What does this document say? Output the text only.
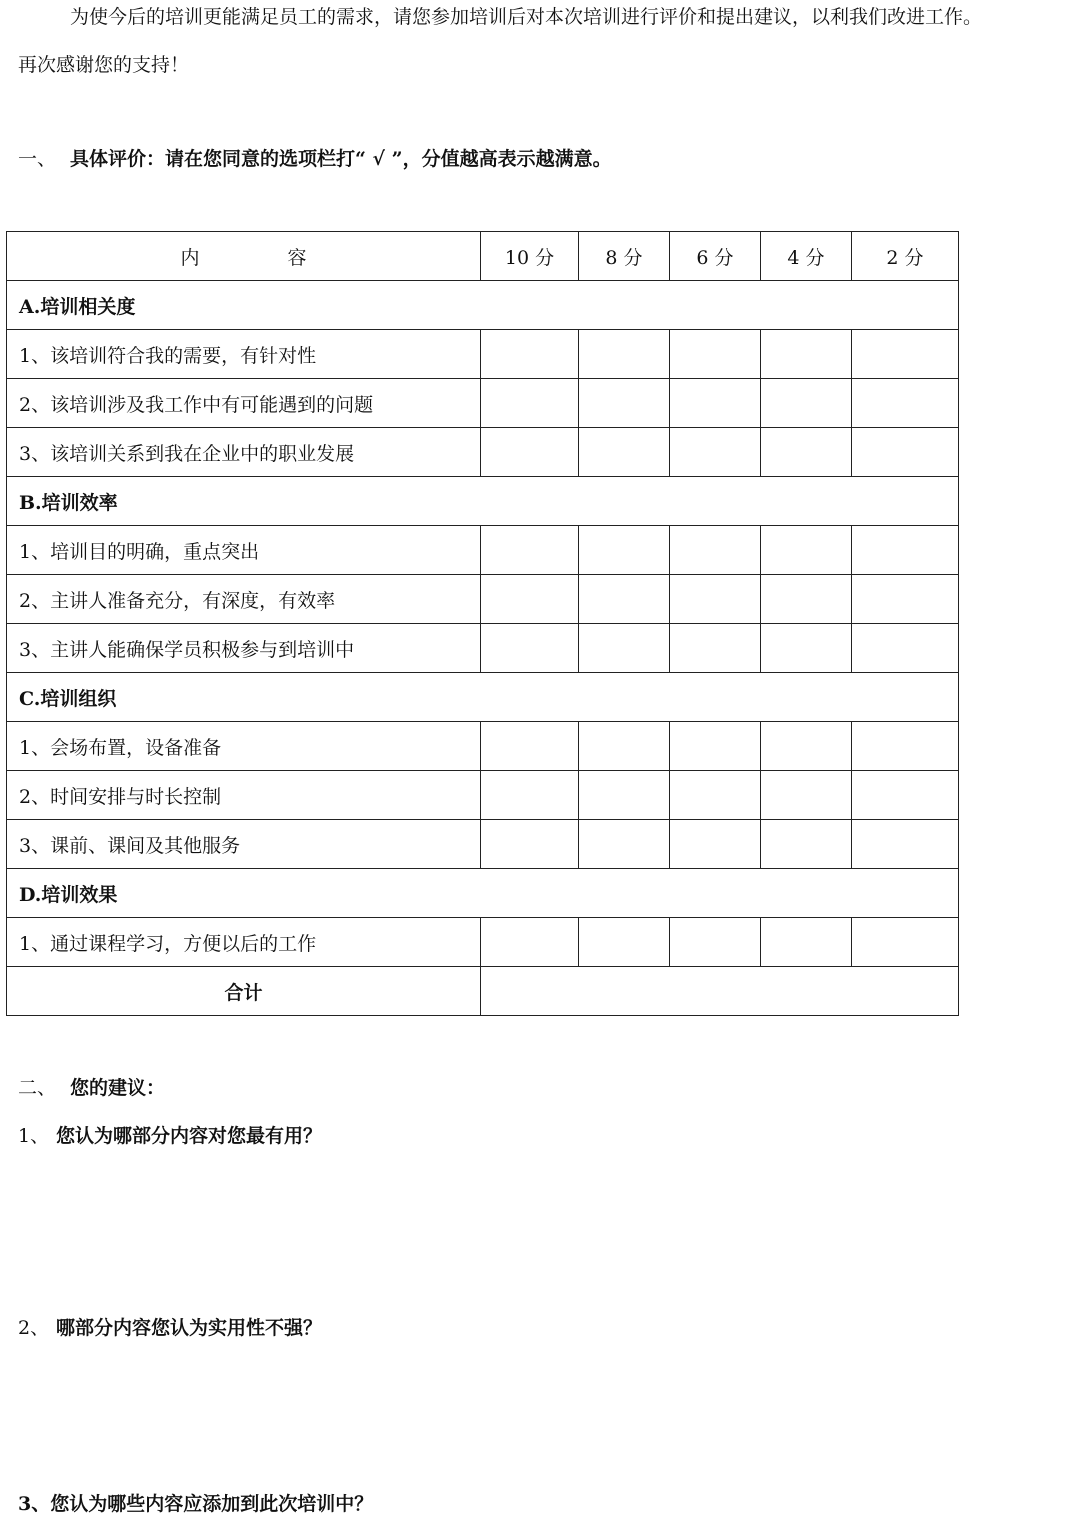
为使今后的培训更能满足员工的需求，请您参加培训后对本次培训进行评价和提出建议，以利我们改进工作。
再次感谢您的支持！
一、 具体评价：请在您同意的选项栏打“ √ ”，分值越高表示越满意。
内 容	10 分	8 分	6 分	4 分	2 分
A.培训相关度					
1、该培训符合我的需要，有针对性					
2、该培训涉及我工作中有可能遇到的问题					
3、该培训关系到我在企业中的职业发展					
B.培训效率					
1、培训目的明确，重点突出					
2、主讲人准备充分，有深度，有效率					
3、主讲人能确保学员积极参与到培训中					
C.培训组织					
1、会场布置，设备准备					
2、时间安排与时长控制					
3、课前、课间及其他服务					
D.培训效果					
1、通过课程学习，方便以后的工作					
合计					
二、 您的建议：
1、 您认为哪部分内容对您最有用？
2、 哪部分内容您认为实用性不强？
3、您认为哪些内容应添加到此次培训中？
